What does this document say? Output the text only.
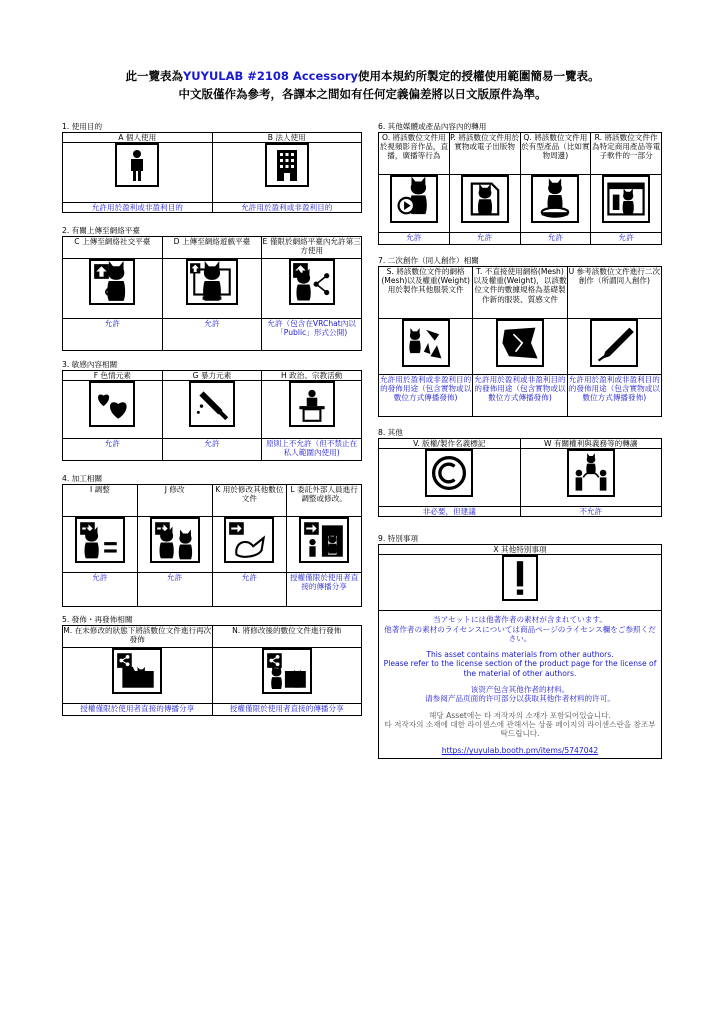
此一覽表為YUYULAB #2108 Accessory使用本規約所製定的授權使用範圍簡易一覽表。
中文版僅作為參考，各譯本之間如有任何定義偏差將以日文版原件為準。
1. 使用目的
A 個人使用	B 法人使用

允許用於盈利或非盈利目的	允許用於盈利或非盈利目的
2. 有關上傳至網絡平臺
C 上傳至網絡社交平臺	D 上傳至網絡遊戲平臺	E 僅限於網絡平臺內允許第三方使用

允許	允許	允許（包含在VRChat內以「Public」形式公開)
3. 敏感內容相關
F 色情元素	G 暴力元素	H 政治、宗教活動

允許	允許	原則上不允許（但不禁止在私人範圍內使用)
4. 加工相關
I 調整	J 修改	K 用於修改其他數位文件	L 委託外部人員進行調整或修改。

允許	允許	允許	授權僅限於使用者直接的傳播分享
5. 發佈・再發佈相關
M. 在未修改的狀態下將該數位文件進行再次發佈	N. 將修改後的數位文件進行發佈

授權僅限於使用者直接的傳播分享	授權僅限於使用者直接的傳播分享
6. 其他媒體或產品內容內的轉用
O. 將該數位文件用於視頻影音作品，直播，廣播等行為	P. 將該數位文件用於實物或電子出版物	Q. 將該數位文件用於有型產品（比如實物周邊)	R. 將該數位文件作為特定商用產品等電子軟件的一部分

允許	允許	允許	允許
7. 二次創作（同人創作）相關
S. 將該數位文件的網格(Mesh)以及權重(Weight)用於製作其他服裝文件	T. 不直接使用網格(Mesh)以及權重(Weight)，以該數位文件的數據規格為基礎製作新的服裝、質感文件	U 參考該數位文件進行二次創作（所謂同人創作)

允許用於盈利或非盈利目的的發佈用途（包含實物或以數位方式傳播發佈)	允許用於盈利或非盈利目的的發佈用途（包含實物或以數位方式傳播發佈)	允許用於盈利或非盈利目的的發佈用途（包含實物或以數位方式傳播發佈)
8. 其他
V. 版權/製作名義標記	W 有關權利與義務等的轉讓

非必要，但建議	不允許
9. 特別事項
X 其他特別事項

当アセットには他著作者の素材が含まれています。
他著作者の素材のライセンスについては商品ページのライセンス欄をご参照ください。
This asset contains materials from other authors.
Please refer to the license section of the product page for the license of the material of other authors.
该资产包含其他作者的材料。
请参阅产品页面的许可部分以获取其他作者材料的许可。
해당 Asset에는 타 저작자의 소재가 포함되어있습니다.
타 저작자의 소재에 대한 라이센스에 관해서는 상품 페이지의 라이센스란을 참조부탁드립니다.
https://yuyulab.booth.pm/items/5747042
